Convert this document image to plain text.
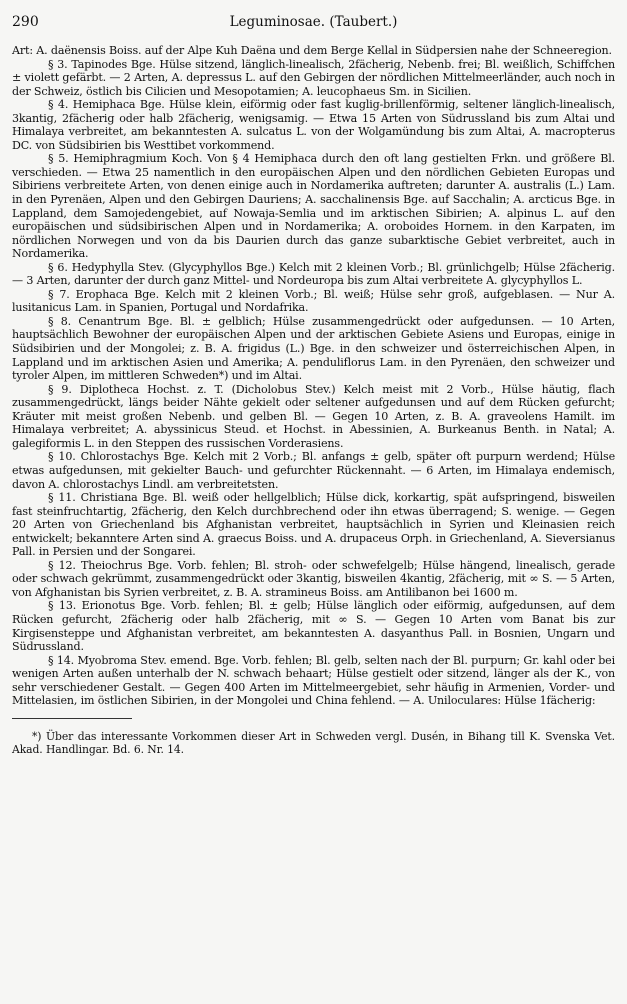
290	Leguminosae. (Taubert.)

Art: A. daënensis Boiss. auf der Alpe Kuh Daëna und dem Berge Kellal in Südpersien nahe der Schneeregion.

§ 3. Tapinodes Bge. Hülse sitzend, länglich-linealisch, 2fächerig, Nebenb. frei; Bl. weißlich, Schiffchen ± violett gefärbt. — 2 Arten, A. depressus L. auf den Gebirgen der nördlichen Mittelmeerländer, auch noch in der Schweiz, östlich bis Cilicien und Mesopotamien; A. leucophaeus Sm. in Sicilien.

§ 4. Hemiphaca Bge. Hülse klein, eiförmig oder fast kuglig-brillenförmig, seltener länglich-linealisch, 3kantig, 2fächerig oder halb 2fächerig, wenigsamig. — Etwa 15 Arten von Südrussland bis zum Altai und Himalaya verbreitet, am bekanntesten A. sulcatus L. von der Wolgamündung bis zum Altai, A. macropterus DC. von Südsibirien bis Westtibet vorkommend.

§ 5. Hemiphragmium Koch. Von § 4 Hemiphaca durch den oft lang gestielten Frkn. und größere Bl. verschieden. — Etwa 25 namentlich in den europäischen Alpen und den nördlichen Gebieten Europas und Sibiriens verbreitete Arten, von denen einige auch in Nordamerika auftreten; darunter A. australis (L.) Lam. in den Pyrenäen, Alpen und den Gebirgen Dauriens; A. sacchalinensis Bge. auf Sacchalin; A. arcticus Bge. in Lappland, dem Samojedengebiet, auf Nowaja-Semlia und im arktischen Sibirien; A. alpinus L. auf den europäischen und südsibirischen Alpen und in Nordamerika; A. oroboides Hornem. in den Karpaten, im nördlichen Norwegen und von da bis Daurien durch das ganze subarktische Gebiet verbreitet, auch in Nordamerika.

§ 6. Hedyphylla Stev. (Glycyphyllos Bge.) Kelch mit 2 kleinen Vorb.; Bl. grünlichgelb; Hülse 2fächerig. — 3 Arten, darunter der durch ganz Mittel- und Nordeuropa bis zum Altai verbreitete A. glycyphyllos L.

§ 7. Erophaca Bge. Kelch mit 2 kleinen Vorb.; Bl. weiß; Hülse sehr groß, aufgeblasen. — Nur A. lusitanicus Lam. in Spanien, Portugal und Nordafrika.

§ 8. Cenantrum Bge. Bl. ± gelblich; Hülse zusammengedrückt oder aufgedunsen. — 10 Arten, hauptsächlich Bewohner der europäischen Alpen und der arktischen Gebiete Asiens und Europas, einige in Südsibirien und der Mongolei; z. B. A. frigidus (L.) Bge. in den schweizer und österreichischen Alpen, in Lappland und im arktischen Asien und Amerika; A. penduliflorus Lam. in den Pyrenäen, den schweizer und tyroler Alpen, im mittleren Schweden*) und im Altai.

§ 9. Diplotheca Hochst. z. T. (Dicholobus Stev.) Kelch meist mit 2 Vorb., Hülse häutig, flach zusammengedrückt, längs beider Nähte gekielt oder seltener aufgedunsen und auf dem Rücken gefurcht; Kräuter mit meist großen Nebenb. und gelben Bl. — Gegen 10 Arten, z. B. A. graveolens Hamilt. im Himalaya verbreitet; A. abyssinicus Steud. et Hochst. in Abessinien, A. Burkeanus Benth. in Natal; A. galegiformis L. in den Steppen des russischen Vorderasiens.

§ 10. Chlorostachys Bge. Kelch mit 2 Vorb.; Bl. anfangs ± gelb, später oft purpurn werdend; Hülse etwas aufgedunsen, mit gekielter Bauch- und gefurchter Rückennaht. — 6 Arten, im Himalaya endemisch, davon A. chlorostachys Lindl. am verbreitetsten.

§ 11. Christiana Bge. Bl. weiß oder hellgelblich; Hülse dick, korkartig, spät aufspringend, bisweilen fast steinfruchtartig, 2fächerig, den Kelch durchbrechend oder ihn etwas überragend; S. wenige. — Gegen 20 Arten von Griechenland bis Afghanistan verbreitet, hauptsächlich in Syrien und Kleinasien reich entwickelt; bekanntere Arten sind A. graecus Boiss. und A. drupaceus Orph. in Griechenland, A. Sieversianus Pall. in Persien und der Songarei.

§ 12. Theiochrus Bge. Vorb. fehlen; Bl. stroh- oder schwefelgelb; Hülse hängend, linealisch, gerade oder schwach gekrümmt, zusammengedrückt oder 3kantig, bisweilen 4kantig, 2fächerig, mit ∞ S. — 5 Arten, von Afghanistan bis Syrien verbreitet, z. B. A. stramineus Boiss. am Antilibanon bei 1600 m.

§ 13. Erionotus Bge. Vorb. fehlen; Bl. ± gelb; Hülse länglich oder eiförmig, aufgedunsen, auf dem Rücken gefurcht, 2fächerig oder halb 2fächerig, mit ∞ S. — Gegen 10 Arten vom Banat bis zur Kirgisensteppe und Afghanistan verbreitet, am bekanntesten A. dasyanthus Pall. in Bosnien, Ungarn und Südrussland.

§ 14. Myobroma Stev. emend. Bge. Vorb. fehlen; Bl. gelb, selten nach der Bl. purpurn; Gr. kahl oder bei wenigen Arten außen unterhalb der N. schwach behaart; Hülse gestielt oder sitzend, länger als der K., von sehr verschiedener Gestalt. — Gegen 400 Arten im Mittelmeergebiet, sehr häufig in Armenien, Vorder- und Mittelasien, im östlichen Sibirien, in der Mongolei und China fehlend. — A. Uniloculares: Hülse 1fächerig:

*) Über das interessante Vorkommen dieser Art in Schweden vergl. Dusén, in Bihang till K. Svenska Vet. Akad. Handlingar. Bd. 6. Nr. 14.
